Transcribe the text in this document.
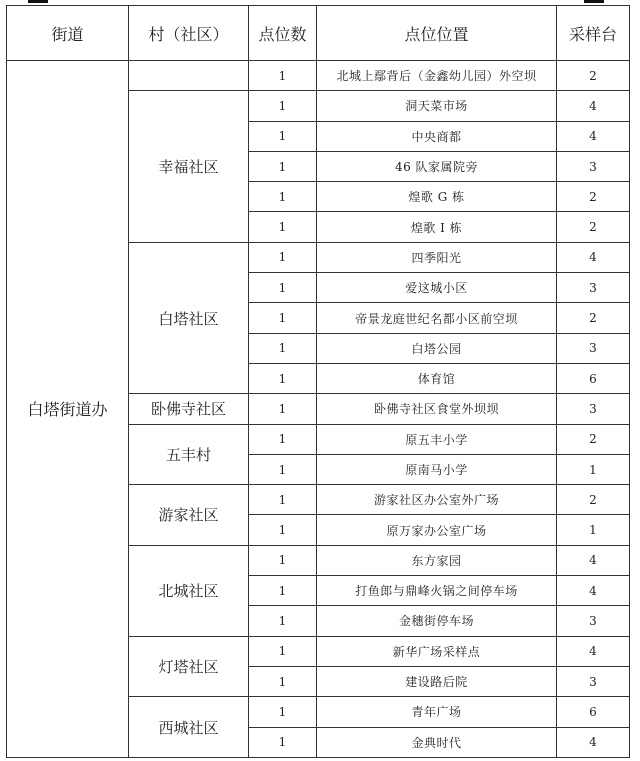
街道	村（社区）	点位数	点位位置	采样台
白塔街道办		1	北城上鄢背后（金鑫幼儿园）外空坝	2
	幸福社区	1	洞天菜市场	4
		1	中央商都	4
		1	46 队家属院旁	3
		1	煌歌 G 栋	2
		1	煌歌 I 栋	2
	白塔社区	1	四季阳光	4
		1	爱这城小区	3
		1	帝景龙庭世纪名都小区前空坝	2
		1	白塔公园	3
		1	体育馆	6
	卧佛寺社区	1	卧佛寺社区食堂外坝坝	3
	五丰村	1	原五丰小学	2
		1	原南马小学	1
	游家社区	1	游家社区办公室外广场	2
		1	原万家办公室广场	1
	北城社区	1	东方家园	4
		1	打鱼郎与鼎峰火锅之间停车场	4
		1	金穗街停车场	3
	灯塔社区	1	新华广场采样点	4
		1	建设路后院	3
	西城社区	1	青年广场	6
		1	金典时代	4
